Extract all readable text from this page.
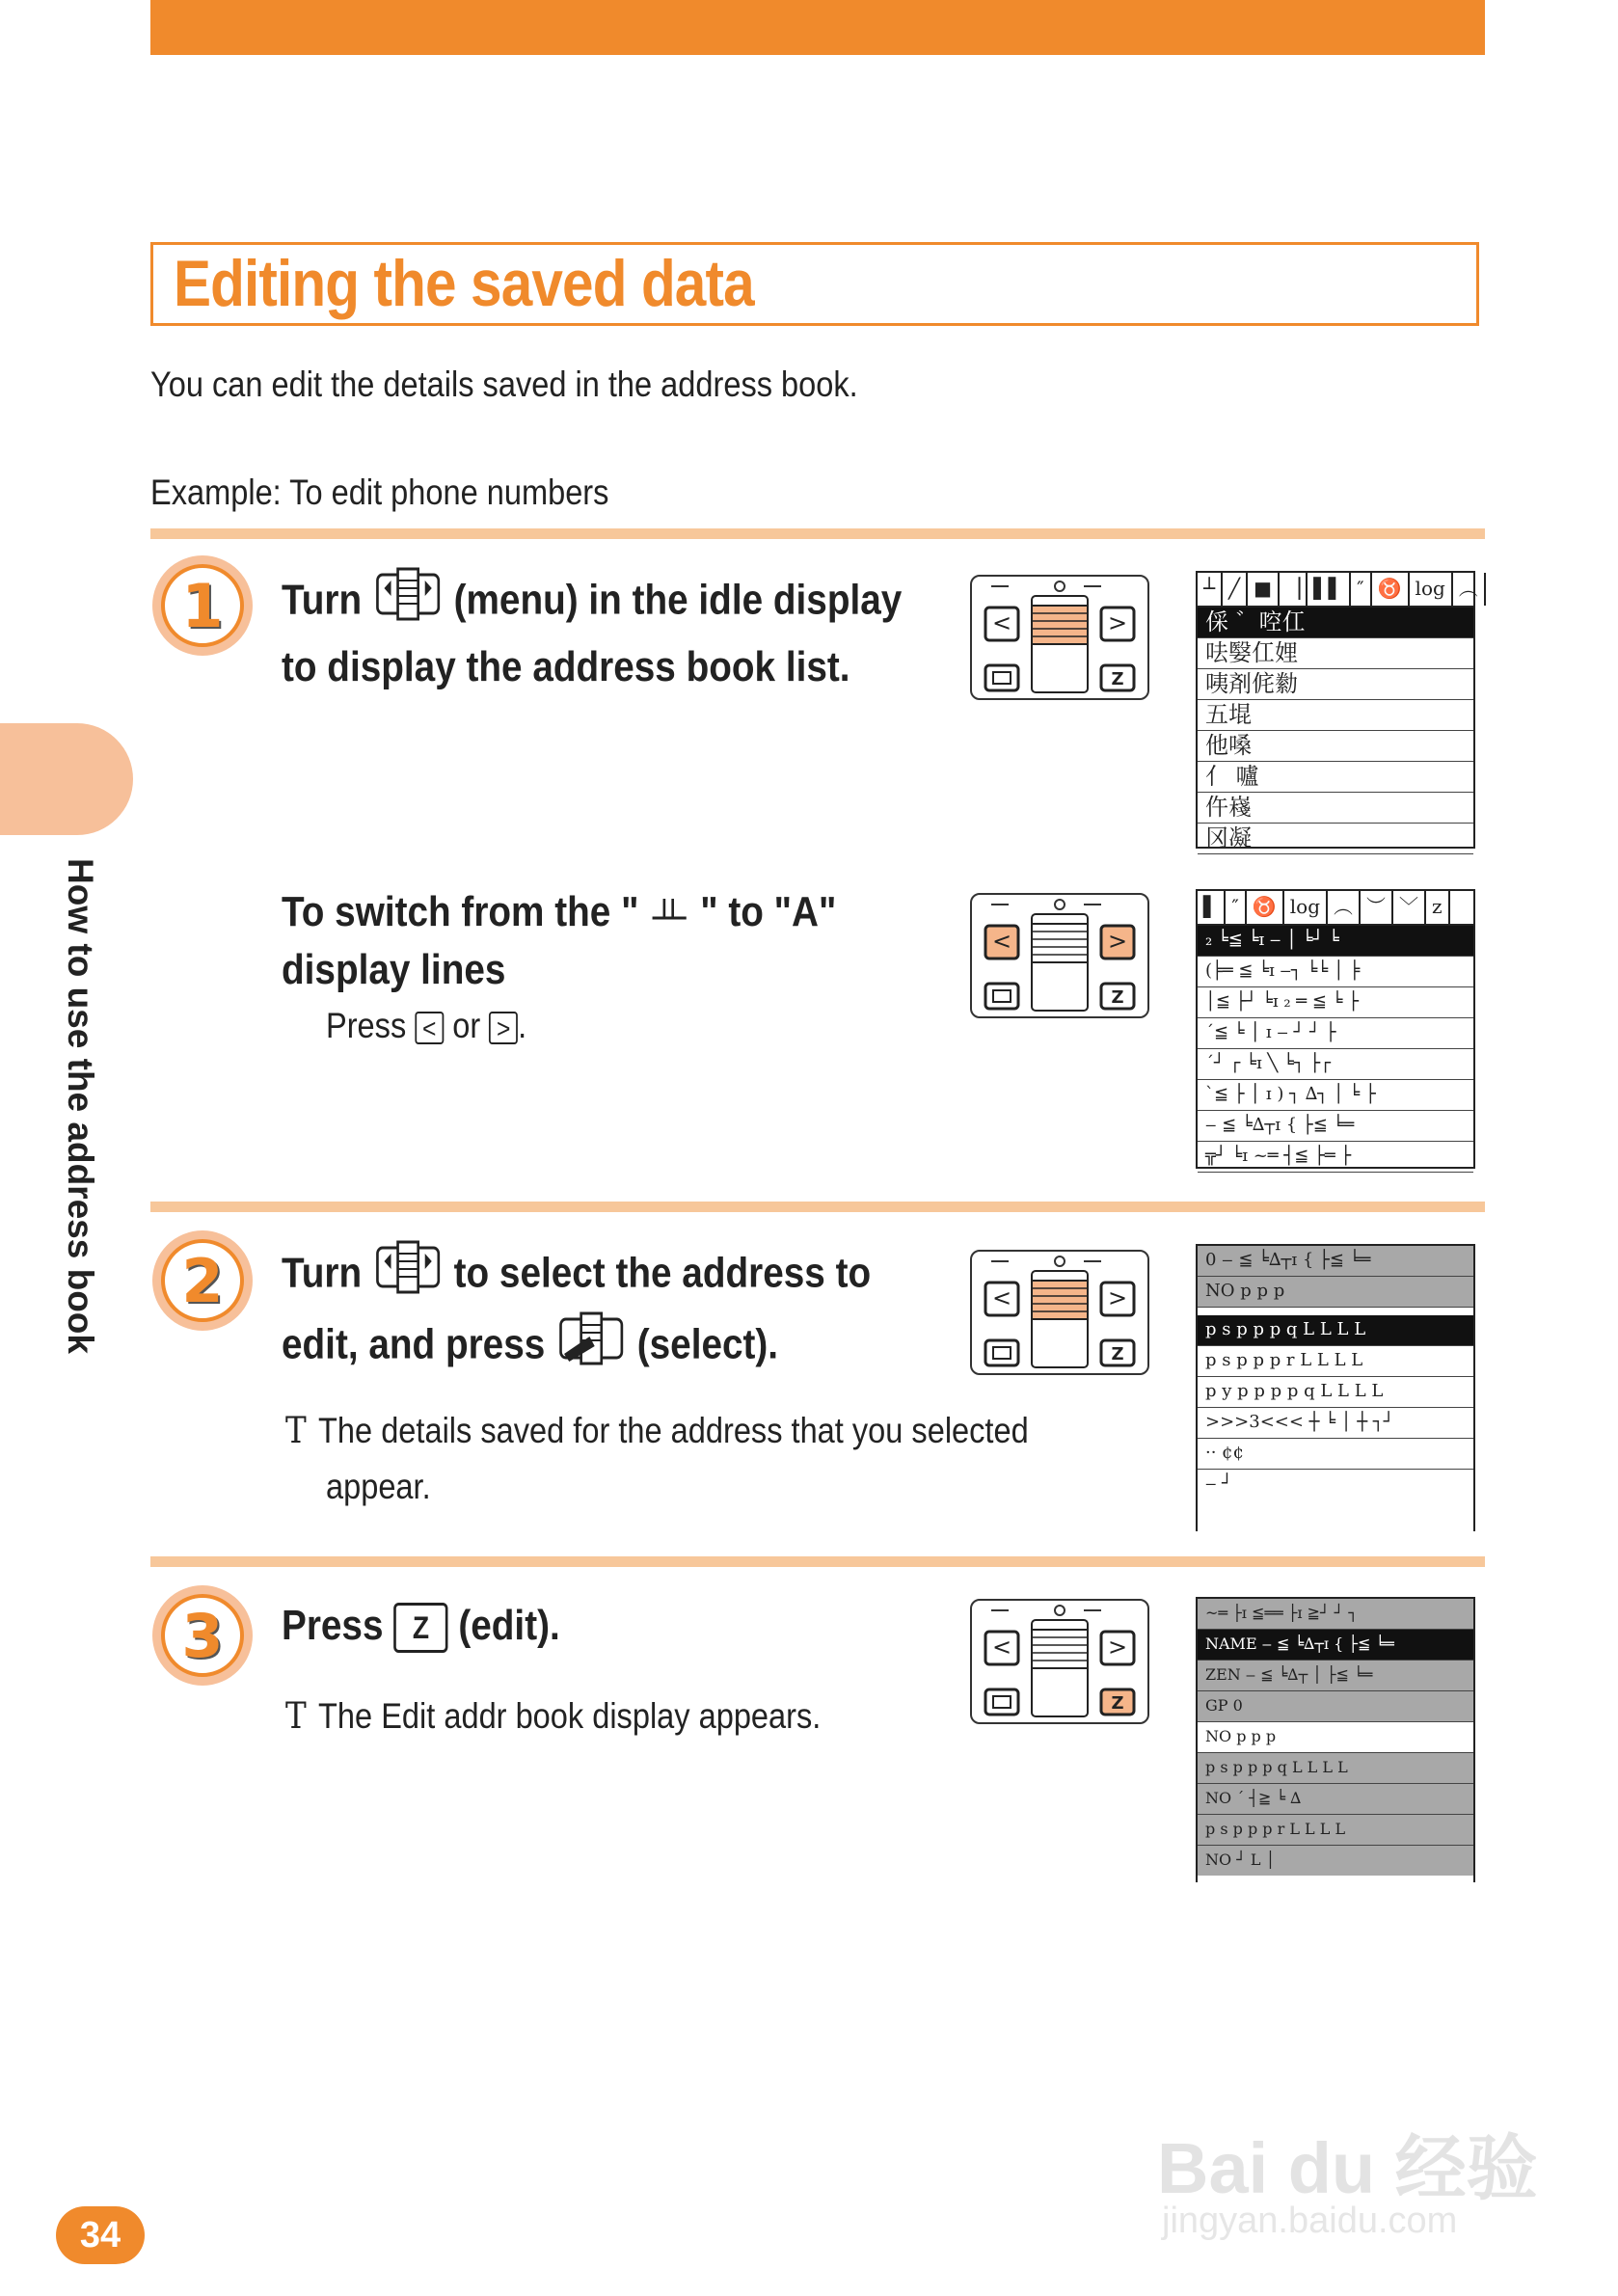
Editing the saved data
You can edit the details saved in the address book.
Example: To edit phone numbers
How to use the address book
1	Turn (menu) in the idle display
to display the address book list.
<	>
Z
┴ ╱ ■ ▕ ▌▌ ″ ♉ log ︵
倸 ゛啌仜
呿嫛仜娌
咦剤侂勬
五堒
他嗓
亻 嚧
仵嶘
冈凝
To switch from the " " to "A"
display lines
Press < or > .
<	>
Z
▌ ″ ♉ log ︵ ︶ ﹀ z
₂ ╘≦ ╘ɪ ‒ │ ╘┘ ╘
(╞═ ≦ ╘ɪ ‒┐ ╘╘ │ ╞
│≦ ├┘ ╘ɪ ₂ ═ ≦ ╘ ├
ˊ≦ ╘ │ ɪ ‒ ┘ ┘ ├
ˊ┘ ┌ ╘ɪ ╲ ╘┐ ├┌
ˋ≦ ├ │ ɪ ) ┐ ∆┐ │ ╘ ├
‒ ≦ ╘∆┬ɪ { ├≦ ╘═
╦┘ ╘ɪ ~═ ┤≦ ├═ ├
2	Turn to select the address to
edit, and press (select).
T The details saved for the address that you selected
appear.
<	>
Z
0 ‒ ≦ ╘∆┬ɪ { ├≦ ╘═
NO p p p
p s p p p q L L L L
p s p p p r L L L L
p y p p p p q L L L L
>>>3<<< ┼ ╘ │ ┼ ┐┘
·· ¢¢
‒ ┘
3	Press Z (edit).
T The Edit addr book display appears.
<	>
Z
~═ ├ɪ ≦══ ├ɪ ≧┘ ┘ ┐
NAME ‒ ≦ ╘∆┬ɪ { ├≦ ╘═
ZEN ‒ ≦ ╘∆┬ │ ├≦ ╘═
GP 0
NO p p p
p s p p p q L L L L
NO ˊ ┤≧ ╘ ∆
p s p p p r L L L L
NO ┘ L │
34
Bai du 经验
jingyan.baidu.com
